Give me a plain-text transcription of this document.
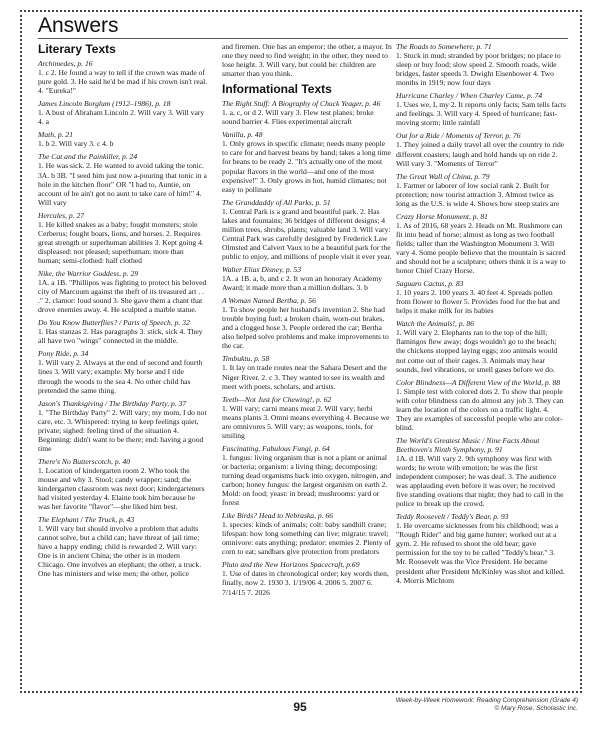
Answers
Literary Texts
Archimedes, p. 16
1. c 2. He found a way to tell if the crown was made of pure gold. 3. He said he'd be mad if his crown isn't real. 4. "Eureka!"
James Lincoln Borglum (1912–1986), p. 18
1. A bust of Abraham Lincoln 2. Will vary 3. Will vary 4. a
Math, p. 21
1. b 2. Will vary 3. c 4. b
The Cat and the Painkiller, p. 24
1. He was sick. 2. He wanted to avoid taking the tonic. 3A. b 3B. "I seed him just now a-pouring that tonic in a hole in the kitchen floor" OR "I had to, Auntie, on account of he ain't got no aunt to take care of him!" 4. Will vary
Hercules, p. 27
1. He killed snakes as a baby; fought monsters; stole Cerberus; fought boars, lions, and horses. 2. Requires great strength or superhuman abilities 3. Kept going 4. displeased: not pleased; superhuman: more than human; semi-clothed: half clothed
Nike, the Warrior Goddess, p. 29
1A. a 1B. "Phillipos was fighting to protect his beloved city of Marcuum against the theft of its treasured art . . ." 2. clamor: loud sound 3. She gave them a chant that drove enemies away. 4. He sculpted a marble statue.
Do You Know Butterflies? / Parts of Speech, p. 32
1. Has stanzas 2. Has paragraphs 3. stick, sick 4. They all have two "wings" connected in the middle.
Pony Ride, p. 34
1. Will vary 2. Always at the end of second and fourth lines 3. Will vary; example: My horse and I ride through the woods to the sea 4. No other child has pretended the same thing.
Jason's Thanksgiving / The Birthday Party, p. 37
1. "The Birthday Party" 2. Will vary; my mom, I do not care, etc. 3. Whispered: trying to keep feelings quiet, private; sighed: feeling tired of the situation 4. Beginning: didn't want to be there; end: having a good time
There's No Butterscotch, p. 40
1. Location of kindergarten room 2. Who took the mouse and why 3. Stool; candy wrapper; sand; the kindergarten classroom was next door; kindergarteners had visited yesterday 4. Elaine took him because he was her favorite "flavor"—she liked him best.
The Elephant / The Truck, p. 43
1. Will vary but should involve a problem that adults cannot solve, but a child can; have threat of jail time; have a happy ending; child is rewarded 2. Will vary: One is in ancient China; the other is in modern Chicago. One involves an elephant; the other, a truck. One has ministers and wise men; the other, police
and firemen. One has an emperor; the other, a mayor. In one they need to find weight; in the other, they need to lose height. 3. Will vary, but could be: children are smarter than you think.
Informational Texts
The Right Stuff: A Biography of Chuck Yeager, p. 46
1. a, c, or d 2. Will vary 3. Flew test planes; broke sound barrier 4. Flies experimental aircraft
Vanilla, p. 48
1. Only grows in specific climate; needs many people to care for and harvest beans by hand; takes a long time for beans to be ready 2. "It's actually one of the most popular flavors in the world—and one of the most expensive!" 3. Only grows in hot, humid climates; not easy to pollinate
The Granddaddy of All Parks, p. 51
1. Central Park is a grand and beautiful park. 2. Has lakes and fountains; 36 bridges of different designs; 4 million trees, shrubs, plants; valuable land 3. Will vary: Central Park was carefully designed by Frederick Law Olmsted and Calvert Vaux to be a beautiful park for the public to enjoy, and millions of people visit it ever year.
Walter Elias Disney, p. 53
1A. a 1B. a, b, and c 2. It won an honorary Academy Award; it made more than a million dollars. 3. b
A Woman Named Bertha, p. 56
1. To show people her husband's invention 2. She had trouble buying fuel; a broken chain, worn-out brakes, and a clogged hose 3. People ordered the car; Bertha also helped solve problems and make improvements to the car.
Timbuktu, p. 58
1. It lay on trade routes near the Sahara Desert and the Niger River. 2. c 3. They wanted to see its wealth and meet with poets, scholars, and artists.
Teeth—Not Just for Chewing!, p. 62
1. Will vary; carni means meat 2. Will vary; herbi means plants 3. Omni means everything 4. Because we are omnivores 5. Will vary; as weapons, tools, for smiling
Fascinating, Fabulous Fungi, p. 64
1. fungus: living organism that is not a plant or animal or bacteria; organism: a living thing; decomposing: turning dead organisms back into oxygen, nitrogen, and carbon; honey fungus: the largest organism on earth 2. Mold: on food; yeast: in bread; mushrooms: yard or forest
Like Birds? Head to Nebraska, p. 66
1. species: kinds of animals; colt: baby sandhill crane; lifespan: how long something can live; migrate: travel; omnivore: eats anything; predator: enemies 2. Plenty of corn to eat; sandbars give protection from predators
Pluto and the New Horizons Spacecraft, p.69
1. Use of dates in chronological order; key words then, finally, now 2. 1930 3. 1/19/06 4. 2006 5. 2007 6. 7/14/15 7. 2026
The Roads to Somewhere, p. 71
1. Stuck in mud; stranded by poor bridges; no place to sleep or buy food; slow speed 2. Smooth roads, wide bridges, faster speeds 3. Dwight Eisenhower 4. Two months in 1919; now four days
Hurricane Charley / When Charley Came, p. 74
1. Uses we, I, my 2. It reports only facts; Sam tells facts and feelings. 3. Will vary 4. Speed of hurricane; fast-moving storm; little rainfall
Out for a Ride / Moments of Terror, p. 76
1. They joined a daily travel all over the country to ride different coasters; laugh and hold hands up on ride 2. Will vary 3. "Moments of Terror"
The Great Wall of China, p. 79
1. Farmer or laborer of low social rank 2. Built for protection; now tourist attraction 3. Almost twice as long as the U.S. is wide 4. Shows how steep stairs are
Crazy Horse Monument, p. 81
1. As of 2016, 68 years 2. Heads on Mt. Rushmore can fit into head of horse; almost as long as two football fields; taller than the Washington Monument 3. Will vary 4. Some people believe that the mountain is sacred and should not be a sculpture; others think it is a way to honor Chief Crazy Horse.
Saguaro Cactus, p. 83
1. 10 years 2. 100 years 3. 40 feet 4. Spreads pollen from flower to flower 5. Provides food for the bat and helps it make milk for its babies
Watch the Animals!, p. 86
1. Will vary 2. Elephants ran to the top of the hill; flamingos flew away; dogs wouldn't go to the beach; the chickens stopped laying eggs; zoo animals would not come out of their cages. 3. Animals may hear sounds, feel vibrations, or smell gases before we do.
Color Blindness—A Different View of the World, p. 88
1. Simple test with colored dots 2. To show that people with color blindness can do almost any job 3. They can learn the location of the colors on a traffic light. 4. They are examples of successful people who are color-blind.
The World's Greatest Music / Nine Facts About Beethoven's Ninth Symphony, p. 91
1A. d 1B. Will vary 2. 9th symphony was first with words; he wrote with emotion; he was the first independent composer; he was deaf. 3. The audience was applauding even before it was over; he received five standing ovations that night; they had to call in the police to break up the crowd.
Teddy Roosevelt / Teddy's Bear, p. 93
1. He overcame sicknesses from his childhood; was a "Rough Rider" and big game hunter; worked out at a gym. 2. He refused to shoot the old bear; gave permission for the toy to be called "Teddy's bear." 3. Mr. Roosevelt was the Vice President. He became president after President McKinley was shot and killed. 4. Morris Michtom
95	Week-by-Week Homework: Reading Comprehension (Grade 4)
© Mary Rose, Scholastic Inc.
